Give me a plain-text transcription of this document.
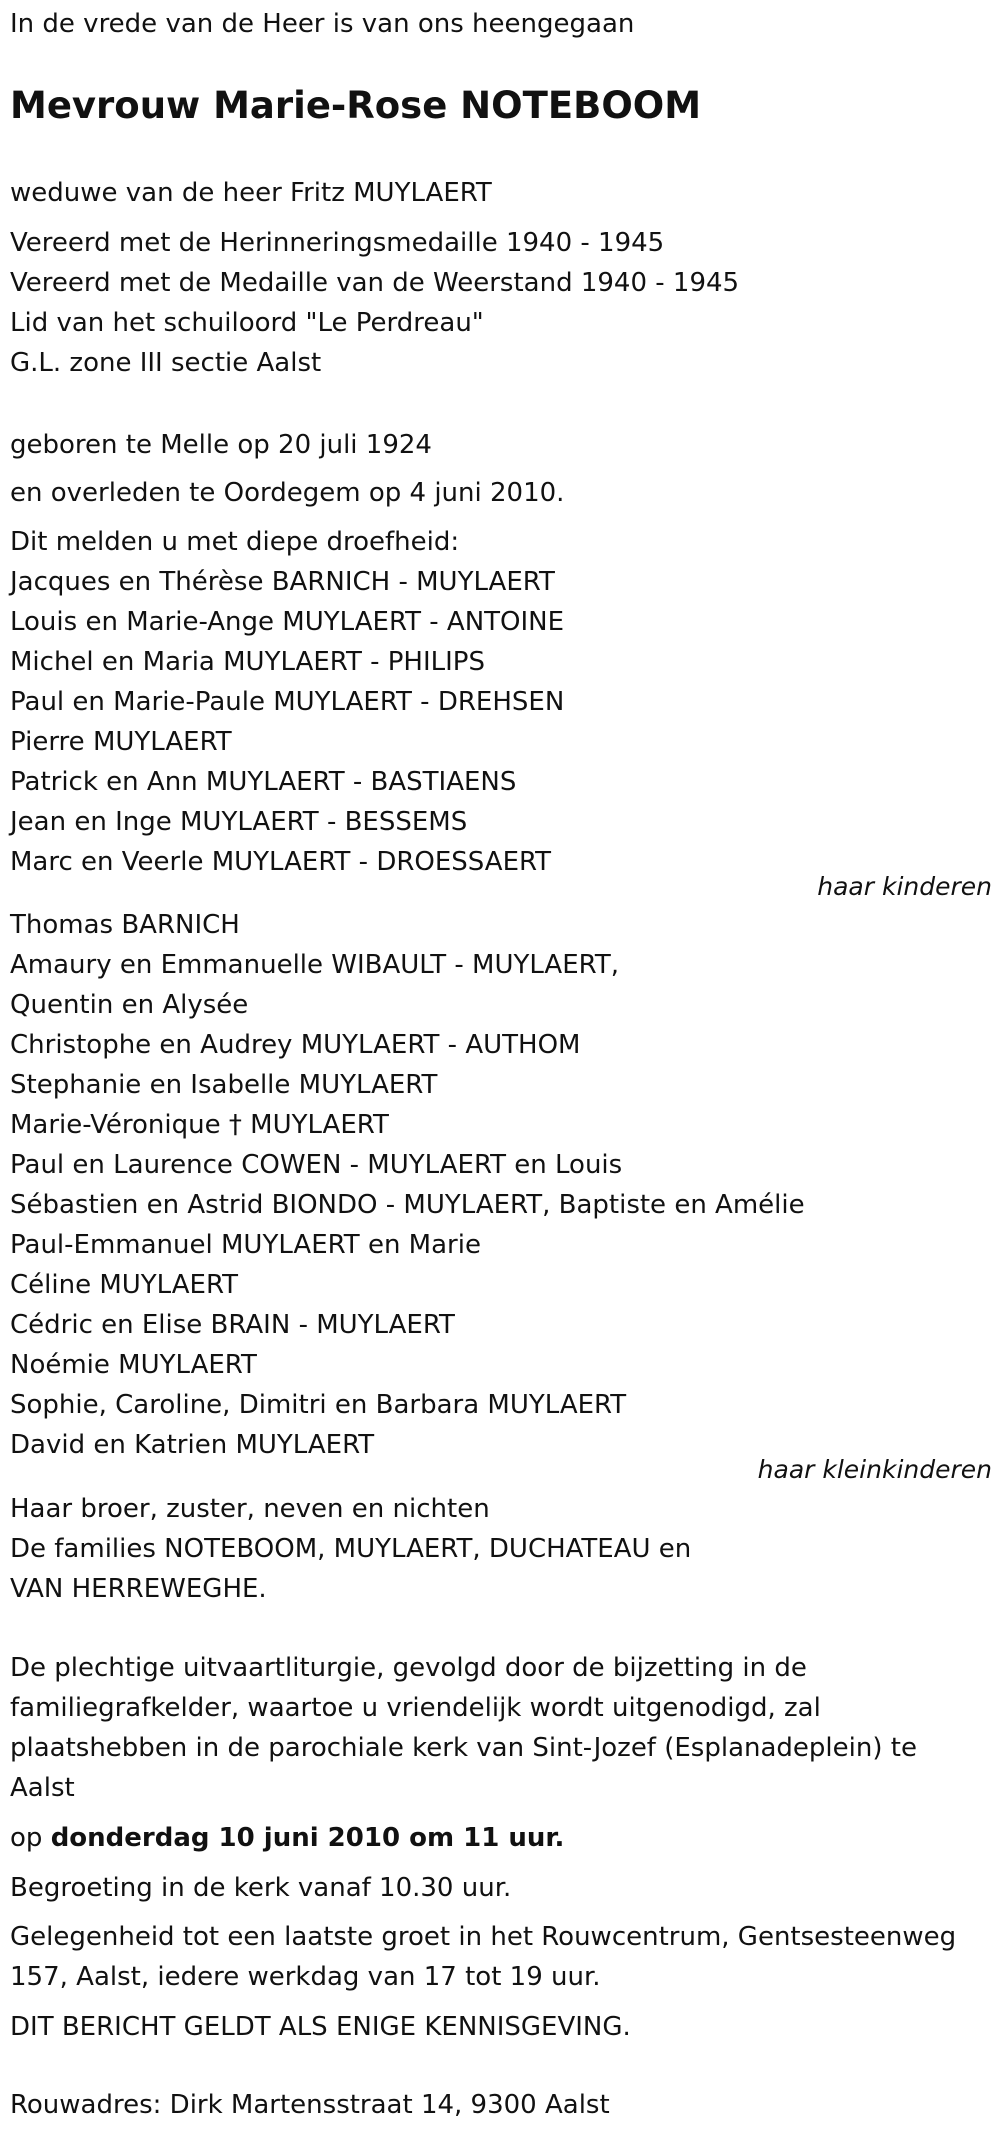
In de vrede van de Heer is van ons heengegaan
Mevrouw Marie-Rose NOTEBOOM
weduwe van de heer Fritz MUYLAERT
Vereerd met de Herinneringsmedaille 1940 - 1945
Vereerd met de Medaille van de Weerstand 1940 - 1945
Lid van het schuiloord "Le Perdreau"
G.L. zone III sectie Aalst
geboren te Melle op 20 juli 1924
en overleden te Oordegem op 4 juni 2010.
Dit melden u met diepe droefheid:
Jacques en Thérèse BARNICH - MUYLAERT
Louis en Marie-Ange MUYLAERT - ANTOINE
Michel en Maria MUYLAERT - PHILIPS
Paul en Marie-Paule MUYLAERT - DREHSEN
Pierre MUYLAERT
Patrick en Ann MUYLAERT - BASTIAENS
Jean en Inge MUYLAERT - BESSEMS
Marc en Veerle MUYLAERT - DROESSAERT
haar kinderen
Thomas BARNICH
Amaury en Emmanuelle WIBAULT - MUYLAERT,
Quentin en Alysée
Christophe en Audrey MUYLAERT - AUTHOM
Stephanie en Isabelle MUYLAERT
Marie-Véronique † MUYLAERT
Paul en Laurence COWEN - MUYLAERT en Louis
Sébastien en Astrid BIONDO - MUYLAERT, Baptiste en Amélie
Paul-Emmanuel MUYLAERT en Marie
Céline MUYLAERT
Cédric en Elise BRAIN - MUYLAERT
Noémie MUYLAERT
Sophie, Caroline, Dimitri en Barbara MUYLAERT
David en Katrien MUYLAERT
haar kleinkinderen
Haar broer, zuster, neven en nichten
De families NOTEBOOM, MUYLAERT, DUCHATEAU en
VAN HERREWEGHE.
De plechtige uitvaartliturgie, gevolgd door de bijzetting in de
familiegrafkelder, waartoe u vriendelijk wordt uitgenodigd, zal
plaatshebben in de parochiale kerk van Sint-Jozef (Esplanadeplein) te
Aalst
op donderdag 10 juni 2010 om 11 uur.
Begroeting in de kerk vanaf 10.30 uur.
Gelegenheid tot een laatste groet in het Rouwcentrum, Gentsesteenweg
157, Aalst, iedere werkdag van 17 tot 19 uur.
DIT BERICHT GELDT ALS ENIGE KENNISGEVING.
Rouwadres: Dirk Martensstraat 14, 9300 Aalst
